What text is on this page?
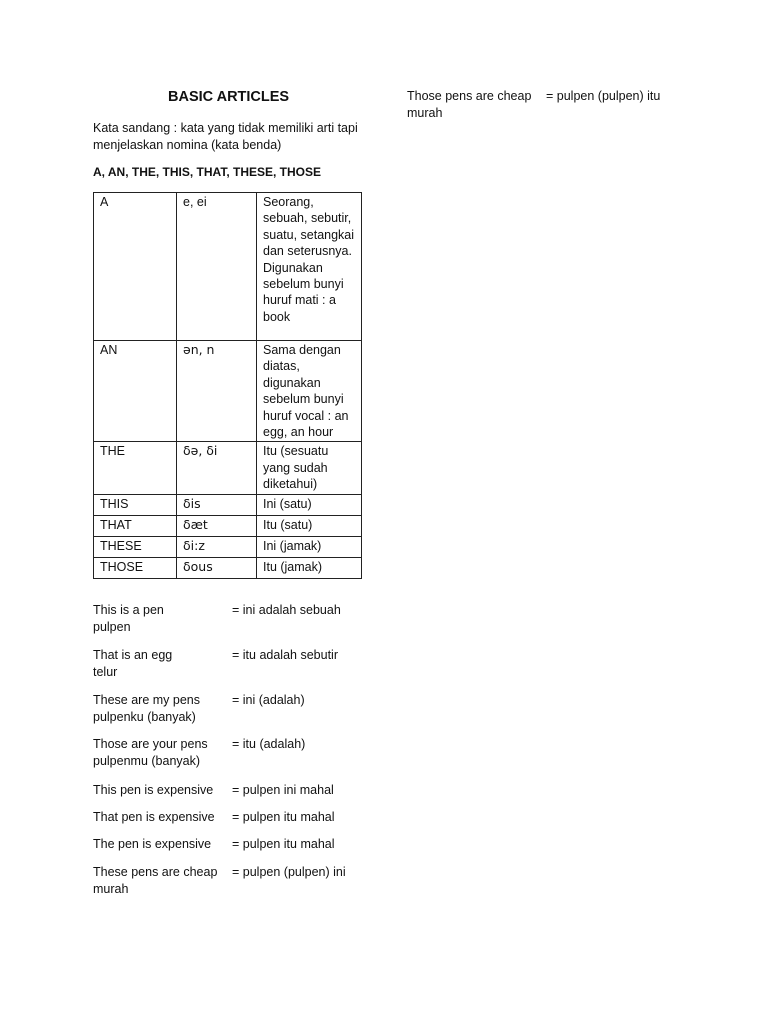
BASIC ARTICLES
Kata sandang : kata yang tidak memiliki arti tapi menjelaskan nomina (kata benda)
A, AN, THE, THIS, THAT, THESE, THOSE
A	e, ei	Seorang, sebuah, sebutir, suatu, setangkai dan seterusnya. Digunakan sebelum bunyi huruf mati : a book
AN	ən, n	Sama dengan diatas, digunakan sebelum bunyi huruf vocal : an egg, an hour
THE	δə, δi	Itu (sesuatu yang sudah diketahui)
THIS	δis	Ini (satu)
THAT	δæt	Itu (satu)
THESE	δi:z	Ini (jamak)
THOSE	δous	Itu (jamak)
This is a pen	= ini adalah sebuah
pulpen
That is an egg	= itu adalah sebutir
telur
These are my pens	= ini (adalah)
pulpenku (banyak)
Those are your pens	= itu (adalah)
pulpenmu (banyak)
This pen is expensive	= pulpen ini mahal
That pen is expensive	= pulpen itu mahal
The pen is expensive	= pulpen itu mahal
These pens are cheap	= pulpen (pulpen) ini
murah
Those pens are cheap	= pulpen (pulpen) itu
murah
